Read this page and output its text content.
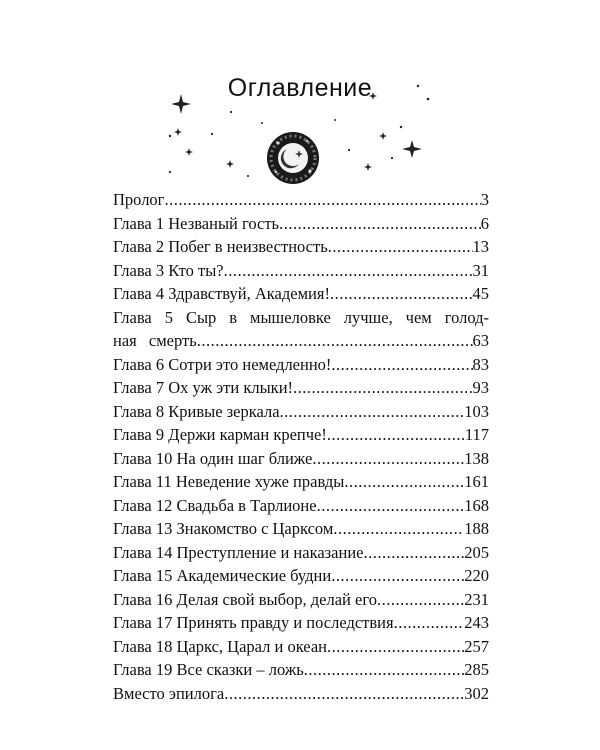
Оглавление
Пролог .....	3
Глава 1 Незваный гость .....	6
Глава 2 Побег в неизвестность .....	13
Глава 3 Кто ты? .....	31
Глава 4 Здравствуй, Академия! .....	45
Глава 5 Сыр в мышеловке лучше, чем голод-
ная смерть .....	63
Глава 6 Сотри это немедленно! .....	83
Глава 7 Ох уж эти клыки! .....	93
Глава 8 Кривые зеркала .....	103
Глава 9 Держи карман крепче! .....	117
Глава 10 На один шаг ближе .....	138
Глава 11 Неведение хуже правды .....	161
Глава 12 Свадьба в Тарлионе .....	168
Глава 13 Знакомство с Царксом .....	188
Глава 14 Преступление и наказание .....	205
Глава 15 Академические будни .....	220
Глава 16 Делая свой выбор, делай его .....	231
Глава 17 Принять правду и последствия .....	243
Глава 18 Царкс, Царал и океан .....	257
Глава 19 Все сказки – ложь .....	285
Вместо эпилога .....	302
